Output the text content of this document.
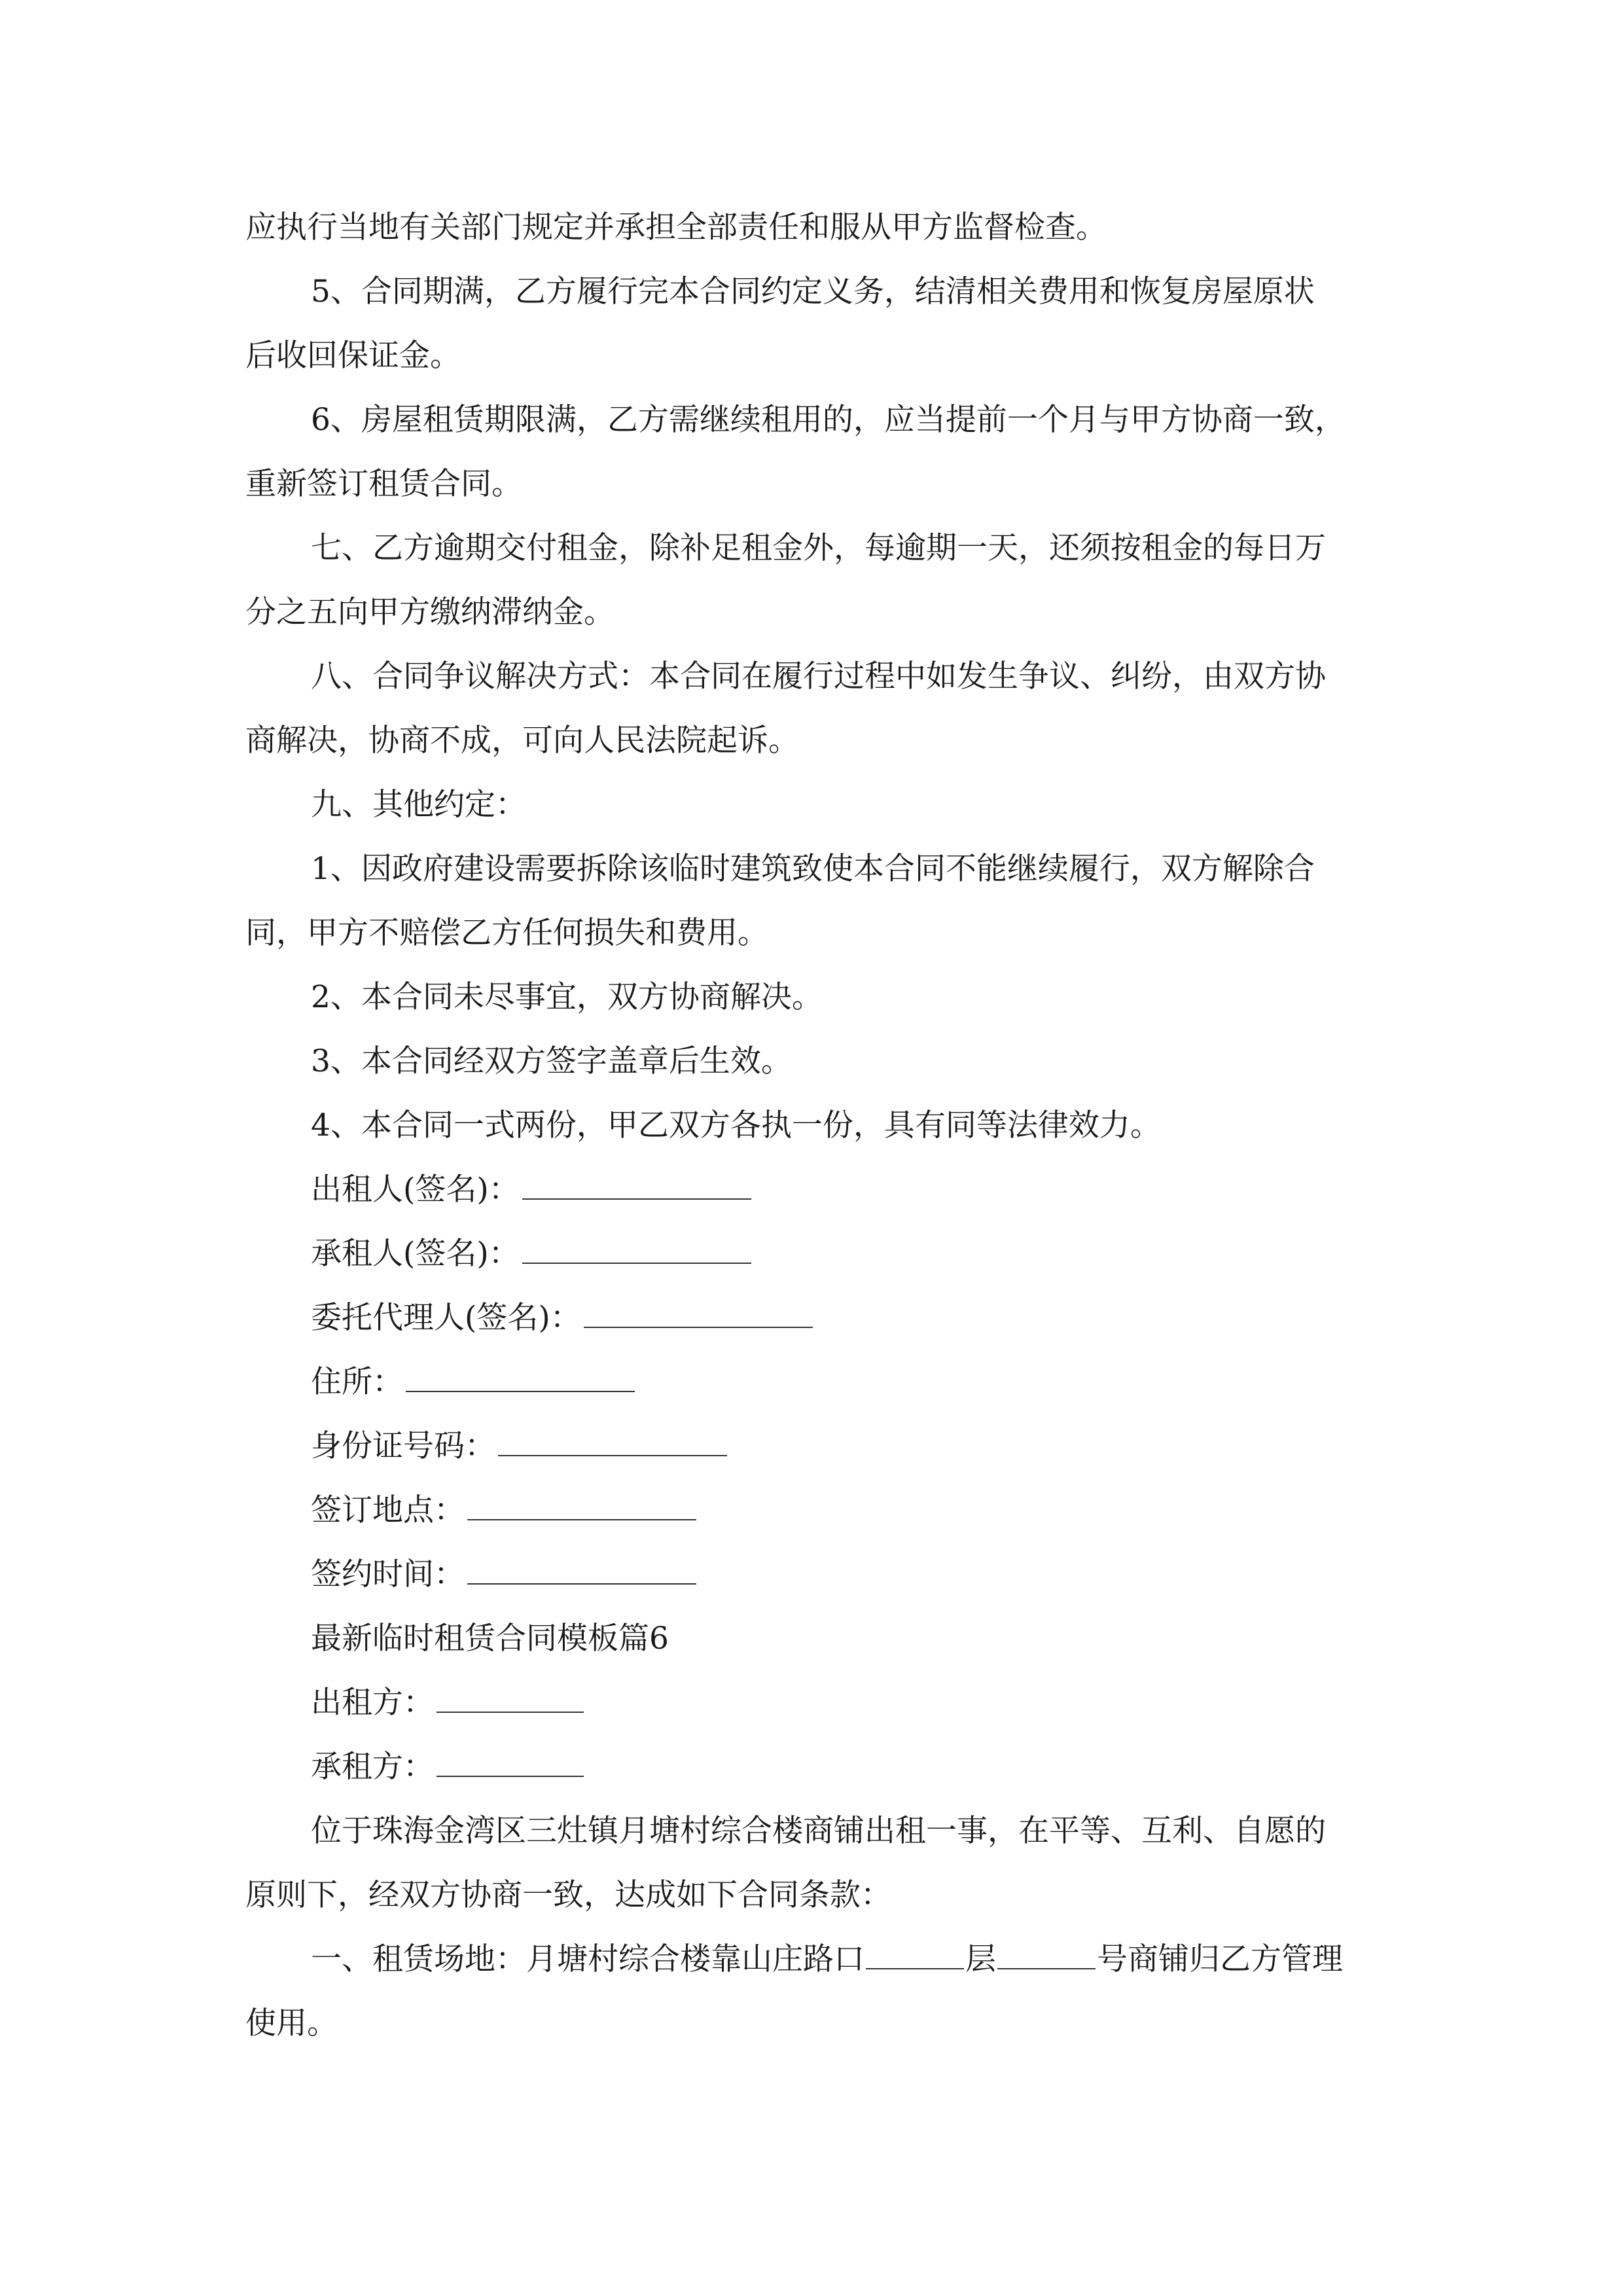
应执行当地有关部门规定并承担全部责任和服从甲方监督检查。
5、合同期满，乙方履行完本合同约定义务，结清相关费用和恢复房屋原状
后收回保证金。
6、房屋租赁期限满，乙方需继续租用的，应当提前一个月与甲方协商一致，
重新签订租赁合同。
七、乙方逾期交付租金，除补足租金外，每逾期一天，还须按租金的每日万
分之五向甲方缴纳滞纳金。
八、合同争议解决方式：本合同在履行过程中如发生争议、纠纷，由双方协
商解决，协商不成，可向人民法院起诉。
九、其他约定：
1、因政府建设需要拆除该临时建筑致使本合同不能继续履行，双方解除合
同，甲方不赔偿乙方任何损失和费用。
2、本合同未尽事宜，双方协商解决。
3、本合同经双方签字盖章后生效。
4、本合同一式两份，甲乙双方各执一份，具有同等法律效力。
出租人(签名)：
承租人(签名)：
委托代理人(签名)：
住所：
身份证号码：
签订地点：
签约时间：
最新临时租赁合同模板篇6
出租方：
承租方：
位于珠海金湾区三灶镇月塘村综合楼商铺出租一事，在平等、互利、自愿的
原则下，经双方协商一致，达成如下合同条款：
一、租赁场地：月塘村综合楼靠山庄路口	层	号商铺归乙方管理
使用。
